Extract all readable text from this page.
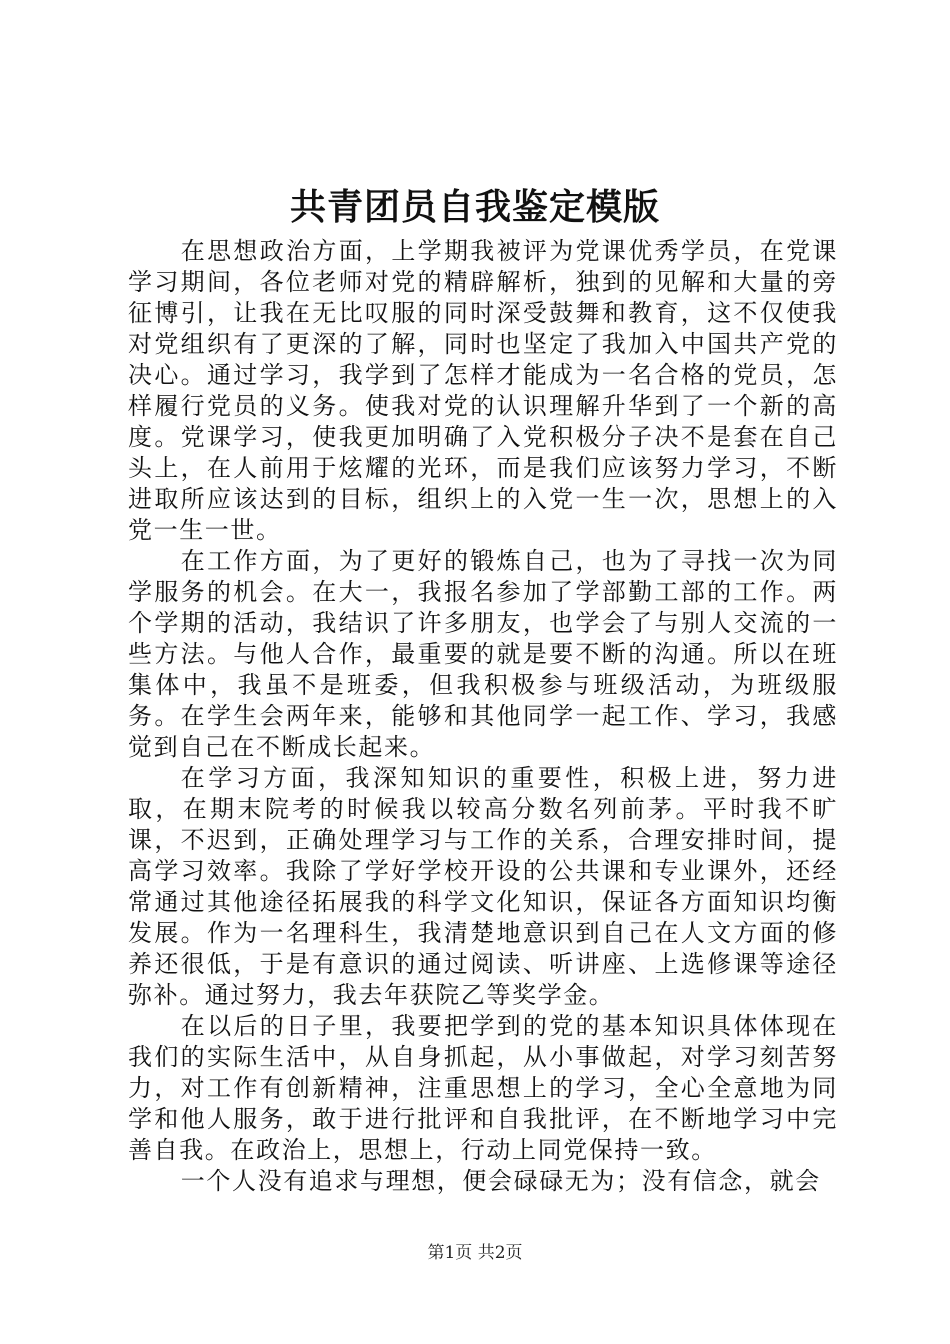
共青团员自我鉴定模版

在思想政治方面，上学期我被评为党课优秀学员，在党课学习期间，各位老师对党的精辟解析，独到的见解和大量的旁征博引，让我在无比叹服的同时深受鼓舞和教育，这不仅使我对党组织有了更深的了解，同时也坚定了我加入中国共产党的决心。通过学习，我学到了怎样才能成为一名合格的党员，怎样履行党员的义务。使我对党的认识理解升华到了一个新的高度。党课学习，使我更加明确了入党积极分子决不是套在自己头上，在人前用于炫耀的光环，而是我们应该努力学习，不断进取所应该达到的目标，组织上的入党一生一次，思想上的入党一生一世。

在工作方面，为了更好的锻炼自己，也为了寻找一次为同学服务的机会。在大一，我报名参加了学部勤工部的工作。两个学期的活动，我结识了许多朋友，也学会了与别人交流的一些方法。与他人合作，最重要的就是要不断的沟通。所以在班集体中，我虽不是班委，但我积极参与班级活动，为班级服务。在学生会两年来，能够和其他同学一起工作、学习，我感觉到自己在不断成长起来。

在学习方面，我深知知识的重要性，积极上进，努力进取，在期末院考的时候我以较高分数名列前茅。平时我不旷课，不迟到，正确处理学习与工作的关系，合理安排时间，提高学习效率。我除了学好学校开设的公共课和专业课外，还经常通过其他途径拓展我的科学文化知识，保证各方面知识均衡发展。作为一名理科生，我清楚地意识到自己在人文方面的修养还很低，于是有意识的通过阅读、听讲座、上选修课等途径弥补。通过努力，我去年获院乙等奖学金。

在以后的日子里，我要把学到的党的基本知识具体体现在我们的实际生活中，从自身抓起，从小事做起，对学习刻苦努力，对工作有创新精神，注重思想上的学习，全心全意地为同学和他人服务，敢于进行批评和自我批评，在不断地学习中完善自我。在政治上，思想上，行动上同党保持一致。

一个人没有追求与理想，便会碌碌无为；没有信念，就会

第1页 共2页
